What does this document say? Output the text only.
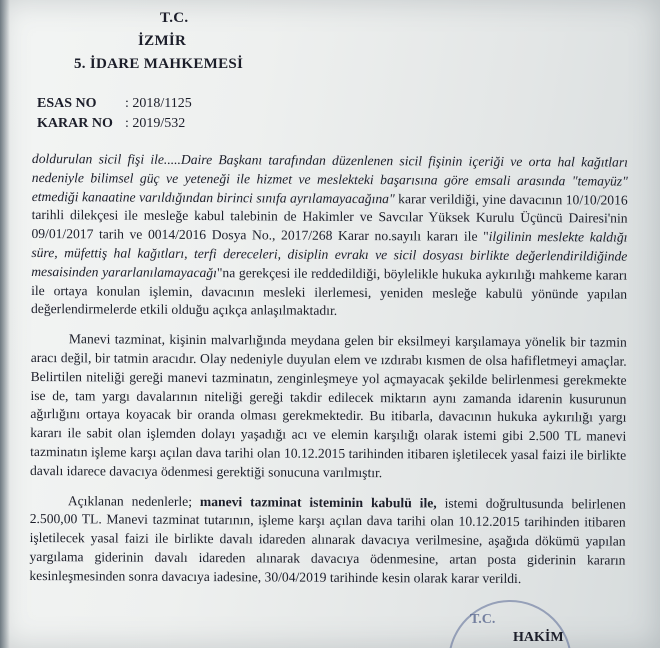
T.C.
İZMİR
5. İDARE MAHKEMESİ
ESAS NO : 2018/1125
KARAR NO : 2019/532

doldurulan sicil fişi ile.....Daire Başkanı tarafından düzenlenen sicil fişinin içeriği ve orta hal kağıtları nedeniyle bilimsel güç ve yeteneği ile hizmet ve meslekteki başarısına göre emsali arasında "temayüz" etmediği kanaatine varıldığından birinci sınıfa ayrılamayacağına" karar verildiği, yine davacının 10/10/2016 tarihli dilekçesi ile mesleğe kabul talebinin de Hakimler ve Savcılar Yüksek Kurulu Üçüncü Dairesi'nin 09/01/2017 tarih ve 0014/2016 Dosya No., 2017/268 Karar no.sayılı kararı ile "ilgilinin meslekte kaldığı süre, müfettiş hal kağıtları, terfi dereceleri, disiplin evrakı ve sicil dosyası birlikte değerlendirildiğinde mesaisinden yararlanılamayacağı"na gerekçesi ile reddedildiği, böylelikle hukuka aykırılığı mahkeme kararı ile ortaya konulan işlemin, davacının mesleki ilerlemesi, yeniden mesleğe kabulü yönünde yapılan değerlendirmelerde etkili olduğu açıkça anlaşılmaktadır.

Manevi tazminat, kişinin malvarlığında meydana gelen bir eksilmeyi karşılamaya yönelik bir tazmin aracı değil, bir tatmin aracıdır. Olay nedeniyle duyulan elem ve ızdırabı kısmen de olsa hafifletmeyi amaçlar. Belirtilen niteliği gereği manevi tazminatın, zenginleşmeye yol açmayacak şekilde belirlenmesi gerekmekte ise de, tam yargı davalarının niteliği gereği takdir edilecek miktarın aynı zamanda idarenin kusurunun ağırlığını ortaya koyacak bir oranda olması gerekmektedir. Bu itibarla, davacının hukuka aykırılığı yargı kararı ile sabit olan işlemden dolayı yaşadığı acı ve elemin karşılığı olarak istemi gibi 2.500 TL manevi tazminatın işleme karşı açılan dava tarihi olan 10.12.2015 tarihinden itibaren işletilecek yasal faizi ile birlikte davalı idarece davacıya ödenmesi gerektiği sonucuna varılmıştır.

Açıklanan nedenlerle; manevi tazminat isteminin kabulü ile, istemi doğrultusunda belirlenen 2.500,00 TL. Manevi tazminat tutarının, işleme karşı açılan dava tarihi olan 10.12.2015 tarihinden itibaren işletilecek yasal faizi ile birlikte davalı idareden alınarak davacıya verilmesine, aşağıda dökümü yapılan yargılama giderinin davalı idareden alınarak davacıya ödenmesine, artan posta giderinin kararın kesinleşmesinden sonra davacıya iadesine, 30/04/2019 tarihinde kesin olarak karar verildi.

T.C.
HAKİM
